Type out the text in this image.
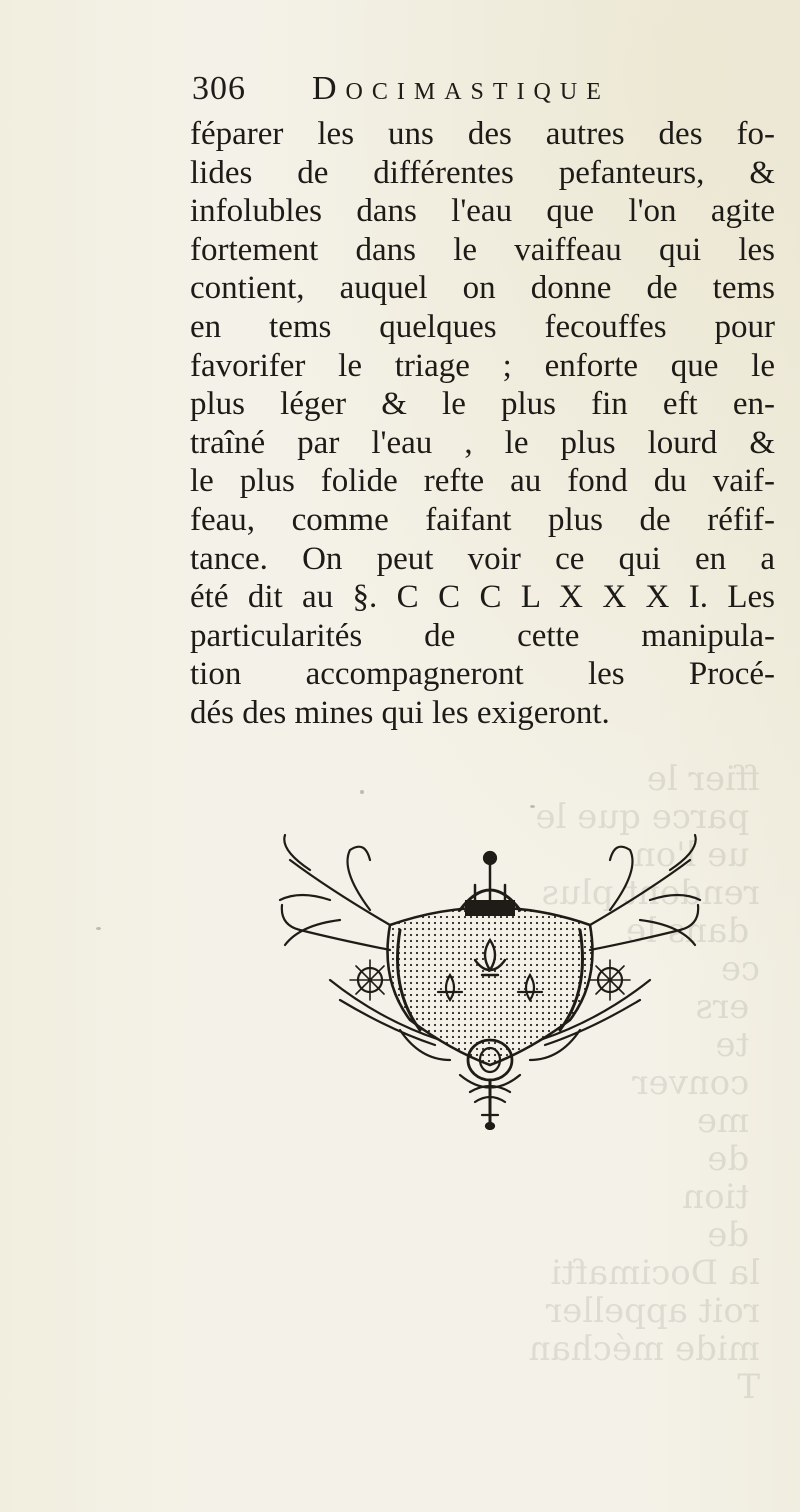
ffier le
parce que le
ue l'on
rendent plus
dans le
ce
ers
te
conver
me
de
tion
de
la Docimafti
roit appeller
mide méchan
T
306 Docimastique
féparer les uns des autres des fo-
lides de différentes pefanteurs, &
infolubles dans l'eau que l'on agite
fortement dans le vaiffeau qui les
contient, auquel on donne de tems
en tems quelques fecouffes pour
favorifer le triage ; enforte que le
plus léger & le plus fin eft en-
traîné par l'eau , le plus lourd &
le plus folide refte au fond du vaif-
feau, comme faifant plus de réfif-
tance. On peut voir ce qui en a
été dit au §. C C C L X X X I. Les
particularités de cette manipula-
tion accompagneront les Procé-
dés des mines qui les exigeront.
